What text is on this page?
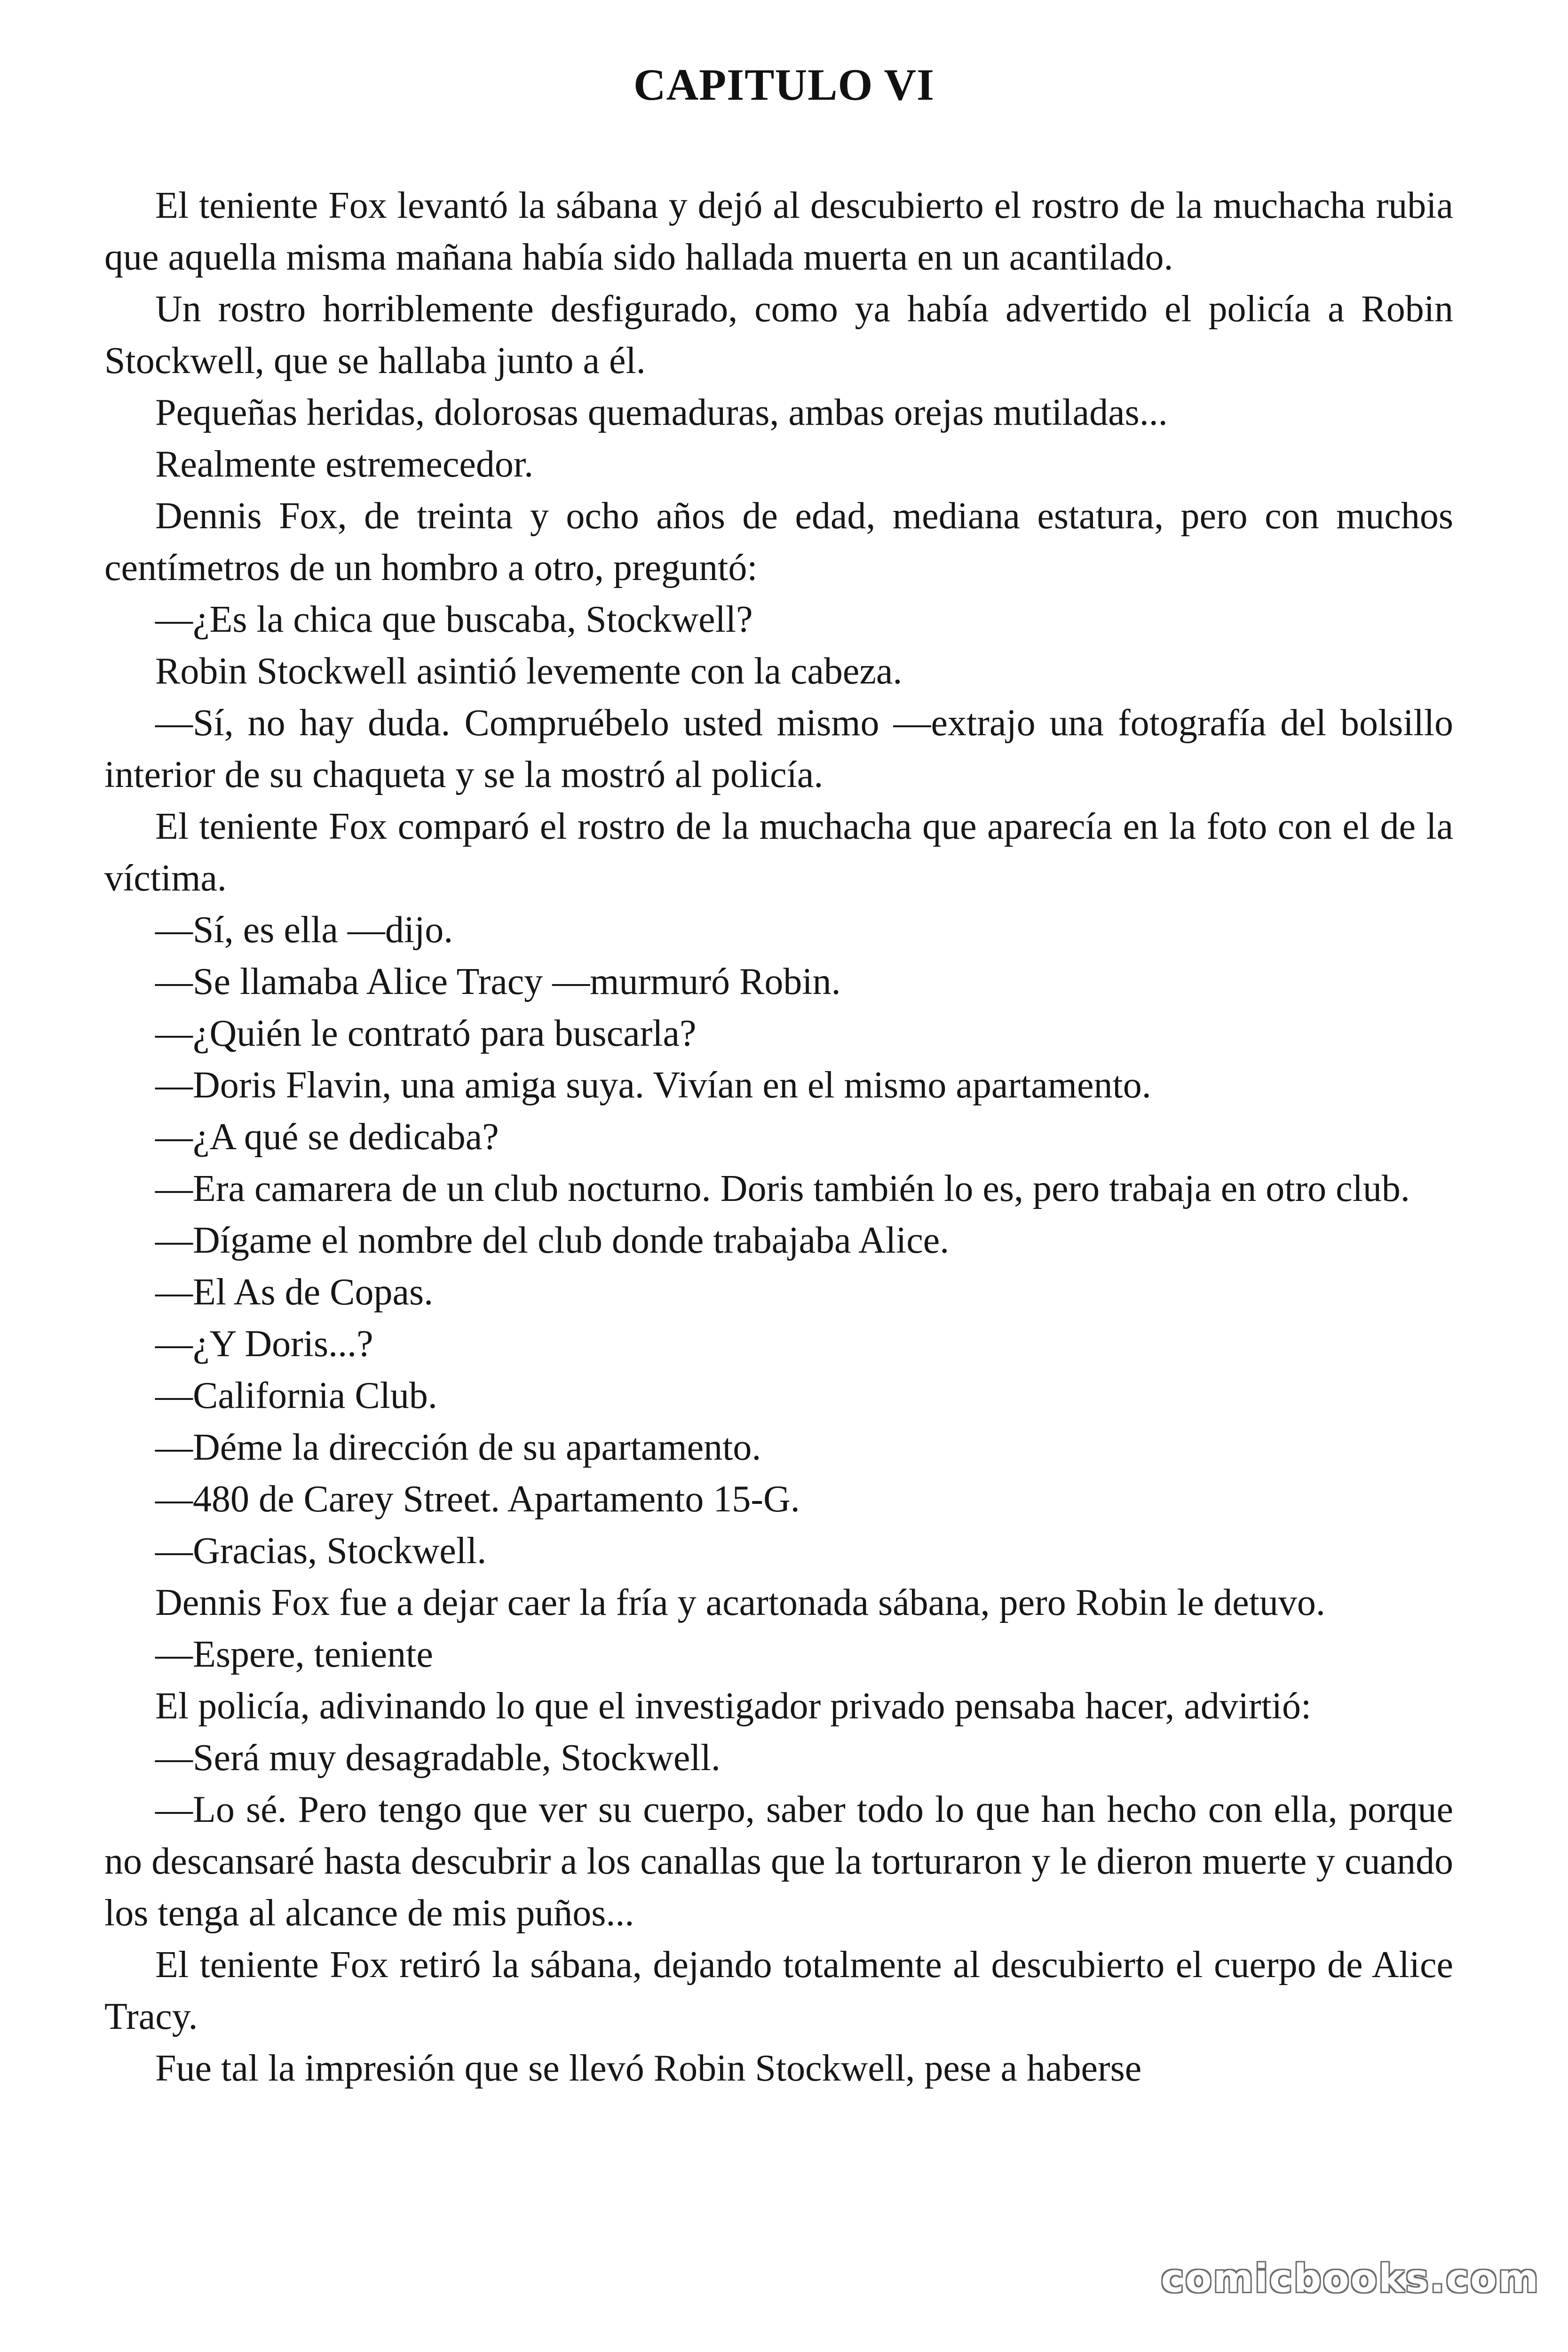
CAPITULO VI

El teniente Fox levantó la sábana y dejó al descubierto el rostro de la muchacha rubia que aquella misma mañana había sido hallada muerta en un acantilado.

Un rostro horriblemente desfigurado, como ya había advertido el policía a Robin Stockwell, que se hallaba junto a él.

Pequeñas heridas, dolorosas quemaduras, ambas orejas mutiladas...

Realmente estremecedor.

Dennis Fox, de treinta y ocho años de edad, mediana estatura, pero con muchos centímetros de un hombro a otro, preguntó:

—¿Es la chica que buscaba, Stockwell?

Robin Stockwell asintió levemente con la cabeza.

—Sí, no hay duda. Compruébelo usted mismo —extrajo una fotografía del bolsillo interior de su chaqueta y se la mostró al policía.

El teniente Fox comparó el rostro de la muchacha que aparecía en la foto con el de la víctima.

—Sí, es ella —dijo.

—Se llamaba Alice Tracy —murmuró Robin.

—¿Quién le contrató para buscarla?

—Doris Flavin, una amiga suya. Vivían en el mismo apartamento.

—¿A qué se dedicaba?

—Era camarera de un club nocturno. Doris también lo es, pero trabaja en otro club.

—Dígame el nombre del club donde trabajaba Alice.

—El As de Copas.

—¿Y Doris...?

—California Club.

—Déme la dirección de su apartamento.

—480 de Carey Street. Apartamento 15-G.

—Gracias, Stockwell.

Dennis Fox fue a dejar caer la fría y acartonada sábana, pero Robin le detuvo.

—Espere, teniente

El policía, adivinando lo que el investigador privado pensaba hacer, advirtió:

—Será muy desagradable, Stockwell.

—Lo sé. Pero tengo que ver su cuerpo, saber todo lo que han hecho con ella, porque no descansaré hasta descubrir a los canallas que la torturaron y le dieron muerte y cuando los tenga al alcance de mis puños...

El teniente Fox retiró la sábana, dejando totalmente al descubierto el cuerpo de Alice Tracy.

Fue tal la impresión que se llevó Robin Stockwell, pese a haberse

comicbooks.com
